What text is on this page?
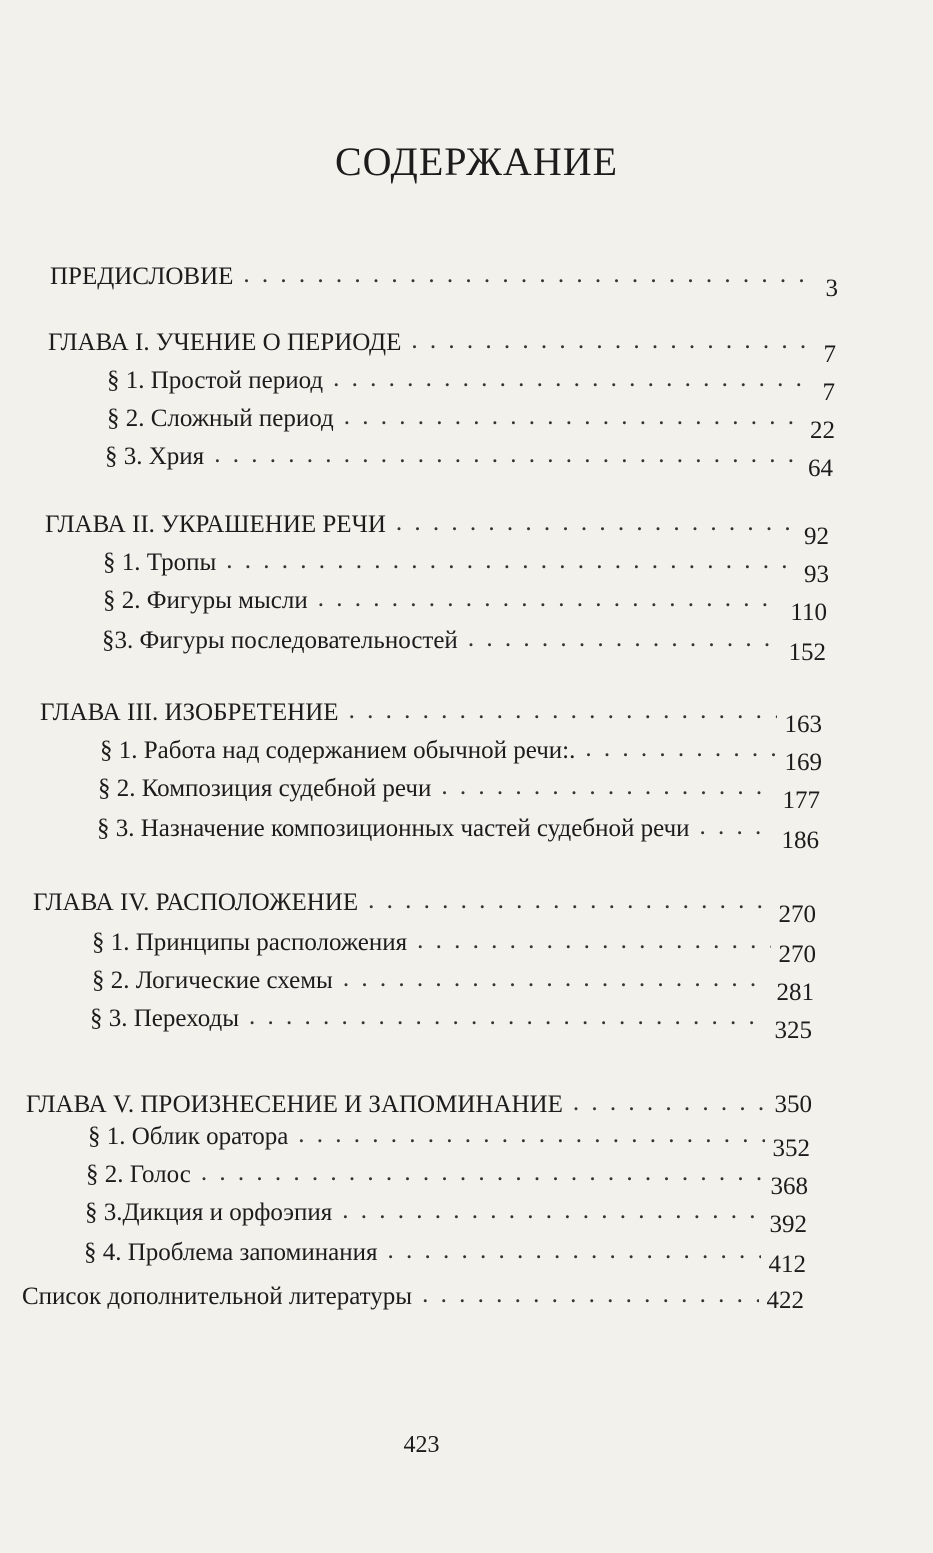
СОДЕРЖАНИЕ
ПРЕДИСЛОВИЕ . . .	3
ГЛАВА I. УЧЕНИЕ О ПЕРИОДЕ . . .	7
§ 1. Простой период . . .	7
§ 2. Сложный период . . .	22
§ 3. Хрия . . .	64
ГЛАВА II. УКРАШЕНИЕ РЕЧИ . . .	92
§ 1. Тропы . . .	93
§ 2. Фигуры мысли . . .	110
§3. Фигуры последовательностей . . .	152
ГЛАВА III. ИЗОБРЕТЕНИЕ . . .	163
§ 1. Работа над содержанием обычной речи:. . . .	169
§ 2. Композиция судебной речи . . .	177
§ 3. Назначение композиционных частей судебной речи . . .	186
ГЛАВА IV. РАСПОЛОЖЕНИЕ . . .	270
§ 1. Принципы расположения . . .	270
§ 2. Логические схемы . . .	281
§ 3. Переходы . . .	325
ГЛАВА V. ПРОИЗНЕСЕНИЕ И ЗАПОМИНАНИЕ . . .	350
§ 1. Облик оратора . . .	352
§ 2. Голос . . .	368
§ 3.Дикция и орфоэпия . . .	392
§ 4. Проблема запоминания . . .	412
Список дополнительной литературы . . .	422
423
